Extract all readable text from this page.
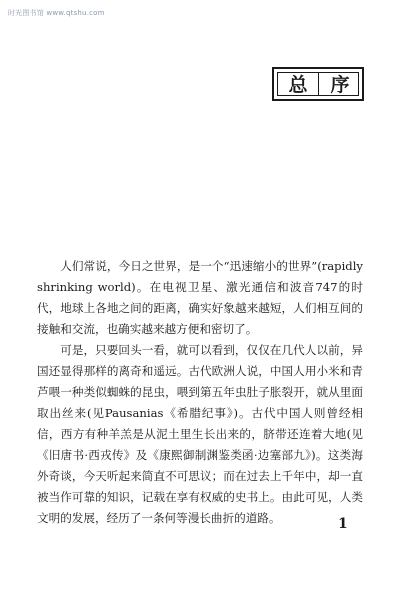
时光图书馆 www.qtshu.com
总	序

人们常说，今日之世界，是一个“迅速缩小的世界”(rapidly shrinking world)。在电视卫星、激光通信和波音747的时代，地球上各地之间的距离，确实好象越来越短，人们相互间的接触和交流，也确实越来越方便和密切了。

可是，只要回头一看，就可以看到，仅仅在几代人以前，异国还显得那样的离奇和遥远。古代欧洲人说，中国人用小米和青芦喂一种类似蜘蛛的昆虫，喂到第五年虫肚子胀裂开，就从里面取出丝来(见Pausanias《希腊纪事》)。古代中国人则曾经相信，西方有种羊羔是从泥土里生长出来的，脐带还连着大地(见《旧唐书·西戎传》及《康熙御制渊鉴类函·边塞部九》)。这类海外奇谈，今天听起来简直不可思议；而在过去上千年中，却一直被当作可靠的知识，记载在享有权威的史书上。由此可见，人类文明的发展，经历了一条何等漫长曲折的道路。	1
